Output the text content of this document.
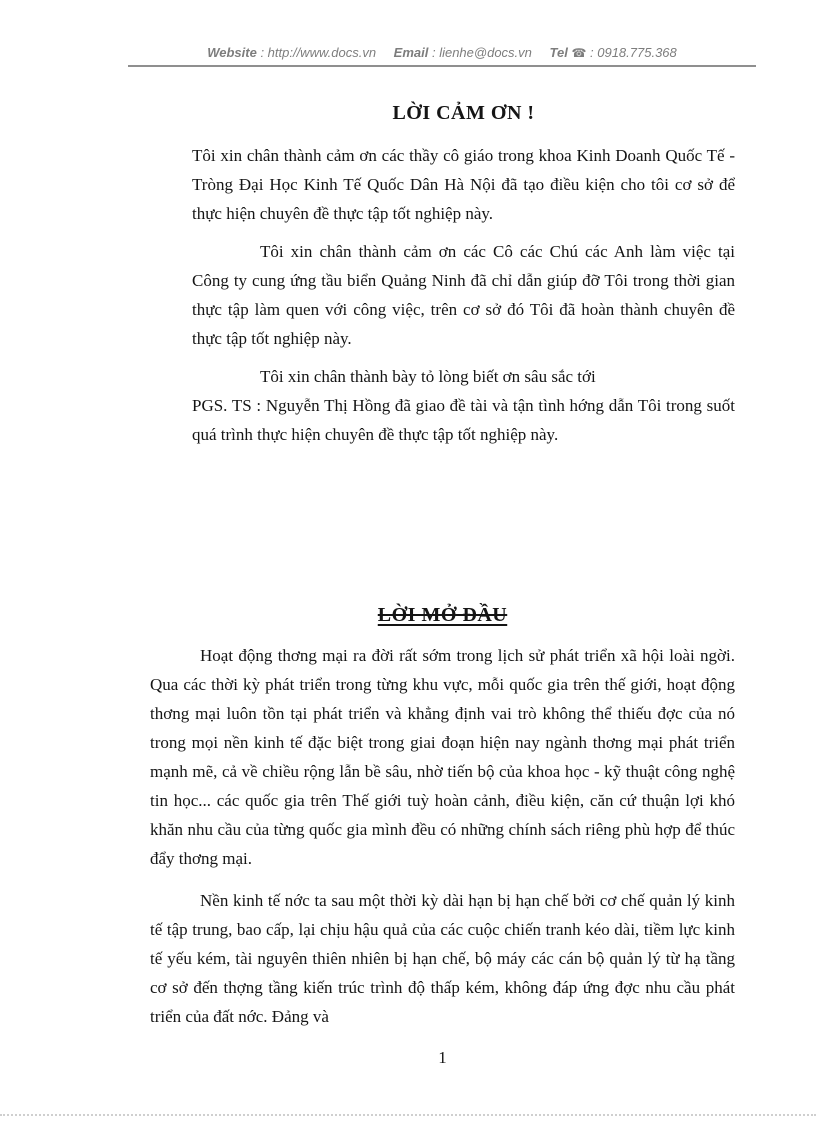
Website : http://www.docs.vn Email : lienhe@docs.vn Tel ☎ : 0918.775.368
LỜI CẢM ƠN !

Tôi xin chân thành cảm ơn các thầy cô giáo trong khoa Kinh Doanh Quốc Tế - Tròng Đại Học Kinh Tế Quốc Dân Hà Nội đã tạo điều kiện cho tôi cơ sở để thực hiện chuyên đề thực tập tốt nghiệp này.

Tôi xin chân thành cảm ơn các Cô các Chú các Anh làm việc tại Công ty cung ứng tầu biển Quảng Ninh đã chỉ dẫn giúp đỡ Tôi trong thời gian thực tập làm quen với công việc, trên cơ sở đó Tôi đã hoàn thành chuyên đề thực tập tốt nghiệp này.

Tôi xin chân thành bày tỏ lòng biết ơn sâu sắc tới
PGS. TS : Nguyễn Thị Hồng đã giao đề tài và tận tình hớng dẫn Tôi trong suốt quá trình thực hiện chuyên đề thực tập tốt nghiệp này.

LỜI MỞ ĐẦU

Hoạt động thơng mại ra đời rất sớm trong lịch sử phát triển xã hội loài ngời. Qua các thời kỳ phát triển trong từng khu vực, mỗi quốc gia trên thế giới, hoạt động thơng mại luôn tồn tại phát triển và khẳng định vai trò không thể thiếu đợc của nó trong mọi nền kinh tế đặc biệt trong giai đoạn hiện nay ngành thơng mại phát triển mạnh mẽ, cả về chiều rộng lẫn bề sâu, nhờ tiến bộ của khoa học - kỹ thuật công nghệ tin học... các quốc gia trên Thế giới tuỳ hoàn cảnh, điều kiện, căn cứ thuận lợi khó khăn nhu cầu của từng quốc gia mình đều có những chính sách riêng phù hợp để thúc đẩy thơng mại.

Nền kinh tế nớc ta sau một thời kỳ dài hạn bị hạn chế bởi cơ chế quản lý kinh tế tập trung, bao cấp, lại chịu hậu quả của các cuộc chiến tranh kéo dài, tiềm lực kinh tế yếu kém, tài nguyên thiên nhiên bị hạn chế, bộ máy các cán bộ quản lý từ hạ tầng cơ sở đến thợng tầng kiến trúc trình độ thấp kém, không đáp ứng đợc nhu cầu phát triển của đất nớc. Đảng và

1
